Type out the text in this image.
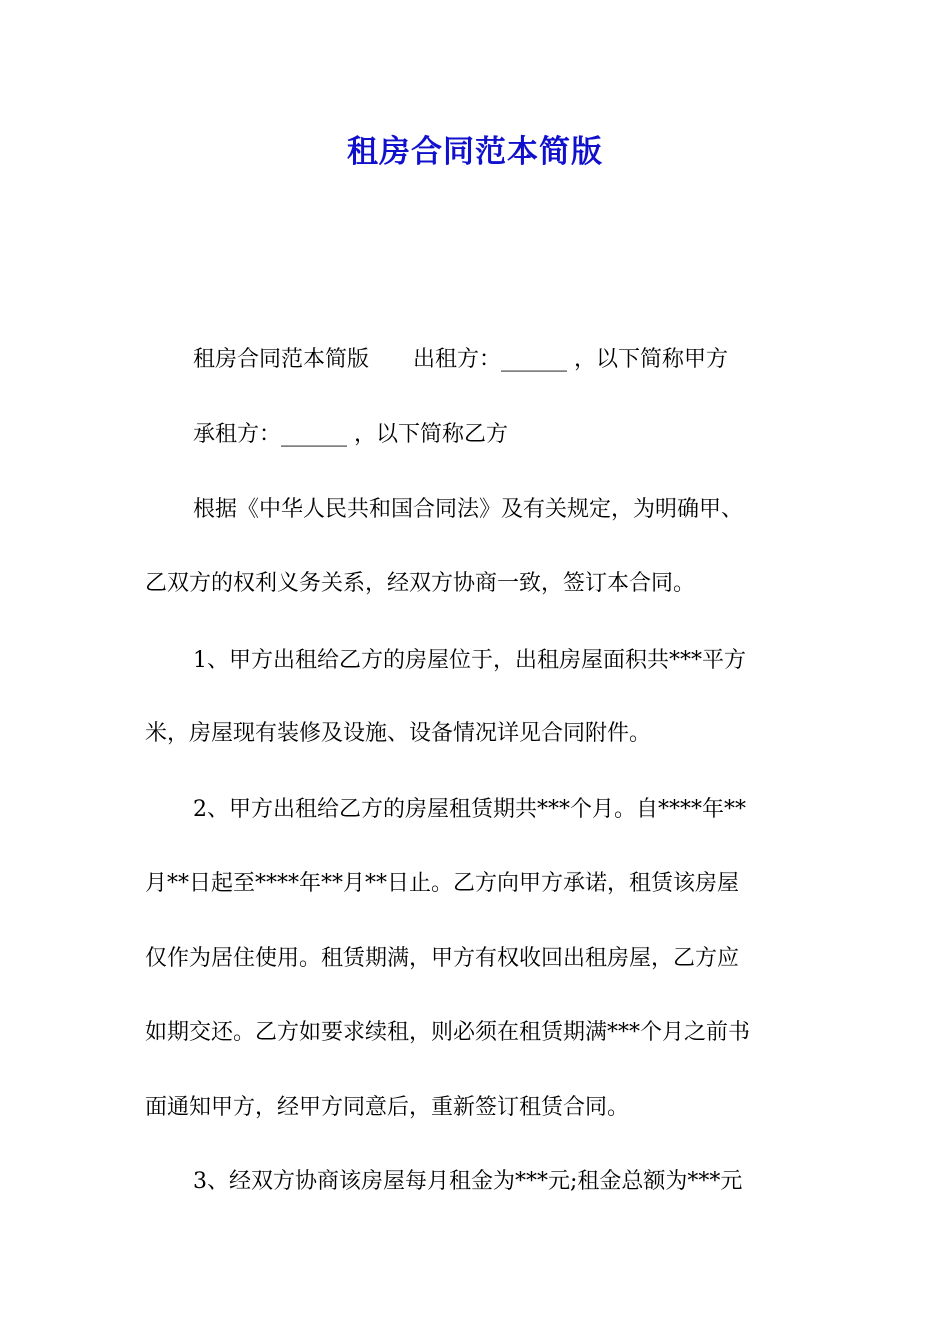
租房合同范本简版
租房合同范本简版　　出租方：______ ，以下简称甲方
承租方：______ ，以下简称乙方
根据《中华人民共和国合同法》及有关规定，为明确甲、
乙双方的权利义务关系，经双方协商一致，签订本合同。
1、甲方出租给乙方的房屋位于，出租房屋面积共***平方
米，房屋现有装修及设施、设备情况详见合同附件。
2、甲方出租给乙方的房屋租赁期共***个月。自****年**
月**日起至****年**月**日止。乙方向甲方承诺，租赁该房屋
仅作为居住使用。租赁期满，甲方有权收回出租房屋，乙方应
如期交还。乙方如要求续租，则必须在租赁期满***个月之前书
面通知甲方，经甲方同意后，重新签订租赁合同。
3、经双方协商该房屋每月租金为***元;租金总额为***元
